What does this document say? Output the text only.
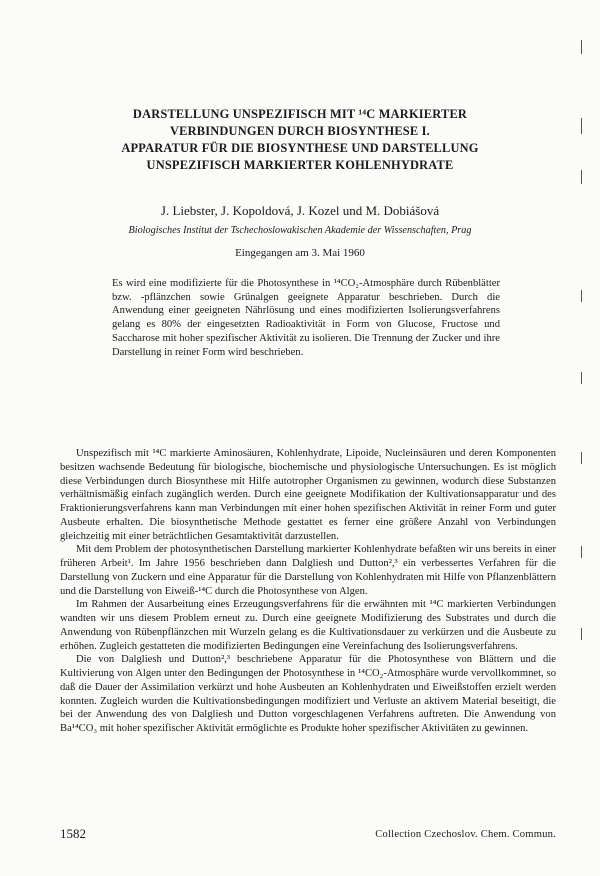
DARSTELLUNG UNSPEZIFISCH MIT ¹⁴C MARKIERTER
VERBINDUNGEN DURCH BIOSYNTHESE I.
APPARATUR FÜR DIE BIOSYNTHESE UND DARSTELLUNG
UNSPEZIFISCH MARKIERTER KOHLENHYDRATE
J. Liebster, J. Kopoldová, J. Kozel und M. Dobiášová
Biologisches Institut der Tschechoslowakischen Akademie der Wissenschaften, Prag
Eingegangen am 3. Mai 1960
Es wird eine modifizierte für die Photosynthese in ¹⁴CO₂-Atmosphäre durch Rübenblätter bzw. -pflänzchen sowie Grünalgen geeignete Apparatur beschrieben. Durch die Anwendung einer geeigneten Nährlösung und eines modifizierten Isolierungsverfahrens gelang es 80% der eingesetzten Radioaktivität in Form von Glucose, Fructose und Saccharose mit hoher spezifischer Aktivität zu isolieren. Die Trennung der Zucker und ihre Darstellung in reiner Form wird beschrieben.

Unspezifisch mit ¹⁴C markierte Aminosäuren, Kohlenhydrate, Lipoide, Nucleinsäuren und deren Komponenten besitzen wachsende Bedeutung für biologische, biochemische und physiologische Untersuchungen. Es ist möglich diese Verbindungen durch Biosynthese mit Hilfe autotropher Organismen zu gewinnen, wodurch diese Substanzen verhältnismäßig einfach zugänglich werden. Durch eine geeignete Modifikation der Kultivationsapparatur und des Fraktionierungsverfahrens kann man Verbindungen mit einer hohen spezifischen Aktivität in reiner Form und guter Ausbeute erhalten. Die biosynthetische Methode gestattet es ferner eine größere Anzahl von Verbindungen gleichzeitig mit einer beträchtlichen Gesamtaktivität darzustellen.

Mit dem Problem der photosynthetischen Darstellung markierter Kohlenhydrate befaßten wir uns bereits in einer früheren Arbeit¹. Im Jahre 1956 beschrieben dann Dalgliesh und Dutton²,³ ein verbessertes Verfahren für die Darstellung von Zuckern und eine Apparatur für die Darstellung von Kohlenhydraten mit Hilfe von Pflanzenblättern und die Darstellung von Eiweiß-¹⁴C durch die Photosynthese von Algen.

Im Rahmen der Ausarbeitung eines Erzeugungsverfahrens für die erwähnten mit ¹⁴C markierten Verbindungen wandten wir uns diesem Problem erneut zu. Durch eine geeignete Modifizierung des Substrates und durch die Anwendung von Rübenpflänzchen mit Wurzeln gelang es die Kultivationsdauer zu verkürzen und die Ausbeute zu erhöhen. Zugleich gestatteten die modifizierten Bedingungen eine Vereinfachung des Isolierungsverfahrens.

Die von Dalgliesh und Dutton²,³ beschriebene Apparatur für die Photosynthese von Blättern und die Kultivierung von Algen unter den Bedingungen der Photosynthese in ¹⁴CO₂-Atmosphäre wurde vervollkommnet, so daß die Dauer der Assimilation verkürzt und hohe Ausbeuten an Kohlenhydraten und Eiweißstoffen erzielt werden konnten. Zugleich wurden die Kultivationsbedingungen modifiziert und Verluste an aktivem Material beseitigt, die bei der Anwendung des von Dalgliesh und Dutton vorgeschlagenen Verfahrens auftreten. Die Anwendung von Ba¹⁴CO₃ mit hoher spezifischer Aktivität ermöglichte es Produkte hoher spezifischer Aktivitäten zu gewinnen.

1582	Collection Czechoslov. Chem. Commun.
